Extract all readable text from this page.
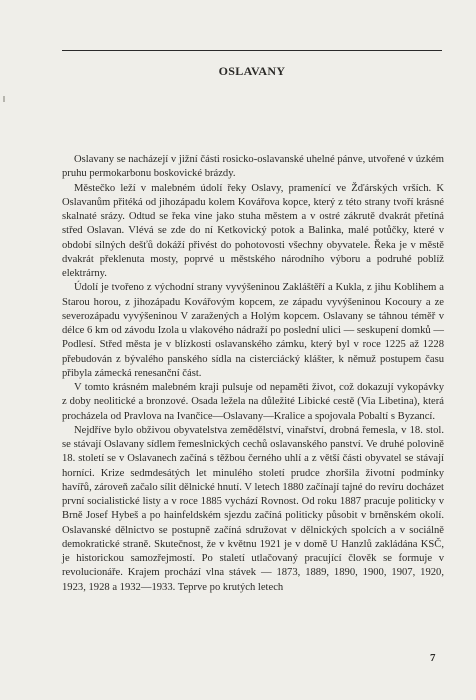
OSLAVANY

Oslavany se nacházejí v jižní části rosicko-oslavanské uhelné pánve, utvořené v úzkém pruhu permokarbonu boskovické brázdy.

Městečko leží v malebném údolí řeky Oslavy, pramenící ve Žďárských vrších. K Oslavanům přitéká od jihozápadu kolem Kovářova kopce, který z této strany tvoří krásné skalnaté srázy. Odtud se řeka vine jako stuha městem a v ostré zákrutě dvakrát přetíná střed Oslavan. Vlévá se zde do ní Ketkovický potok a Balinka, malé potůčky, které v období silných dešťů dokáží přivést do pohotovosti všechny obyvatele. Řeka je v městě dvakrát překlenuta mosty, poprvé u městského národního výboru a podruhé poblíž elektrárny.

Údolí je tvořeno z východní strany vyvýšeninou Zakláštěří a Kukla, z jihu Koblihem a Starou horou, z jihozápadu Kovářovým kopcem, ze západu vyvýšeninou Kocoury a ze severozápadu vyvýšeninou V zaražených a Holým kopcem. Oslavany se táhnou téměř v délce 6 km od závodu Izola u vlakového nádraží po poslední ulici — seskupení domků — Podlesí. Střed města je v blízkosti oslavanského zámku, který byl v roce 1225 až 1228 přebudován z bývalého panského sídla na cisterciácký klášter, k němuž postupem času přibyla zámecká renesanční část.

V tomto krásném malebném kraji pulsuje od nepaměti život, což dokazují vykopávky z doby neolitické a bronzové. Osada ležela na důležité Libické cestě (Via Libetina), která procházela od Pravlova na Ivančice—Oslavany—Kralice a spojovala Pobaltí s Byzancí.

Nejdříve bylo obživou obyvatelstva zemědělství, vinařství, drobná řemesla, v 18. stol. se stávají Oslavany sídlem řemeslnických cechů oslavanského panství. Ve druhé polovině 18. století se v Oslavanech začíná s těžbou černého uhlí a z větší části obyvatel se stávají horníci. Krize sedmdesátých let minulého století prudce zhoršila životní podmínky havířů, zároveň začalo sílit dělnické hnutí. V letech 1880 začínají tajné do revíru docházet první socialistické listy a v roce 1885 vychází Rovnost. Od roku 1887 pracuje politicky v Brně Josef Hybeš a po hainfeldském sjezdu začíná politicky působit v brněnském okolí. Oslavanské dělnictvo se postupně začíná sdružovat v dělnických spolcích a v sociálně demokratické straně. Skutečnost, že v květnu 1921 je v domě U Hanzlů zakládána KSČ, je historickou samozřejmostí. Po staletí utlačovaný pracující člověk se formuje v revolucionáře. Krajem prochází vlna stávek — 1873, 1889, 1890, 1900, 1907, 1920, 1923, 1928 a 1932—1933. Teprve po krutých letech

7
